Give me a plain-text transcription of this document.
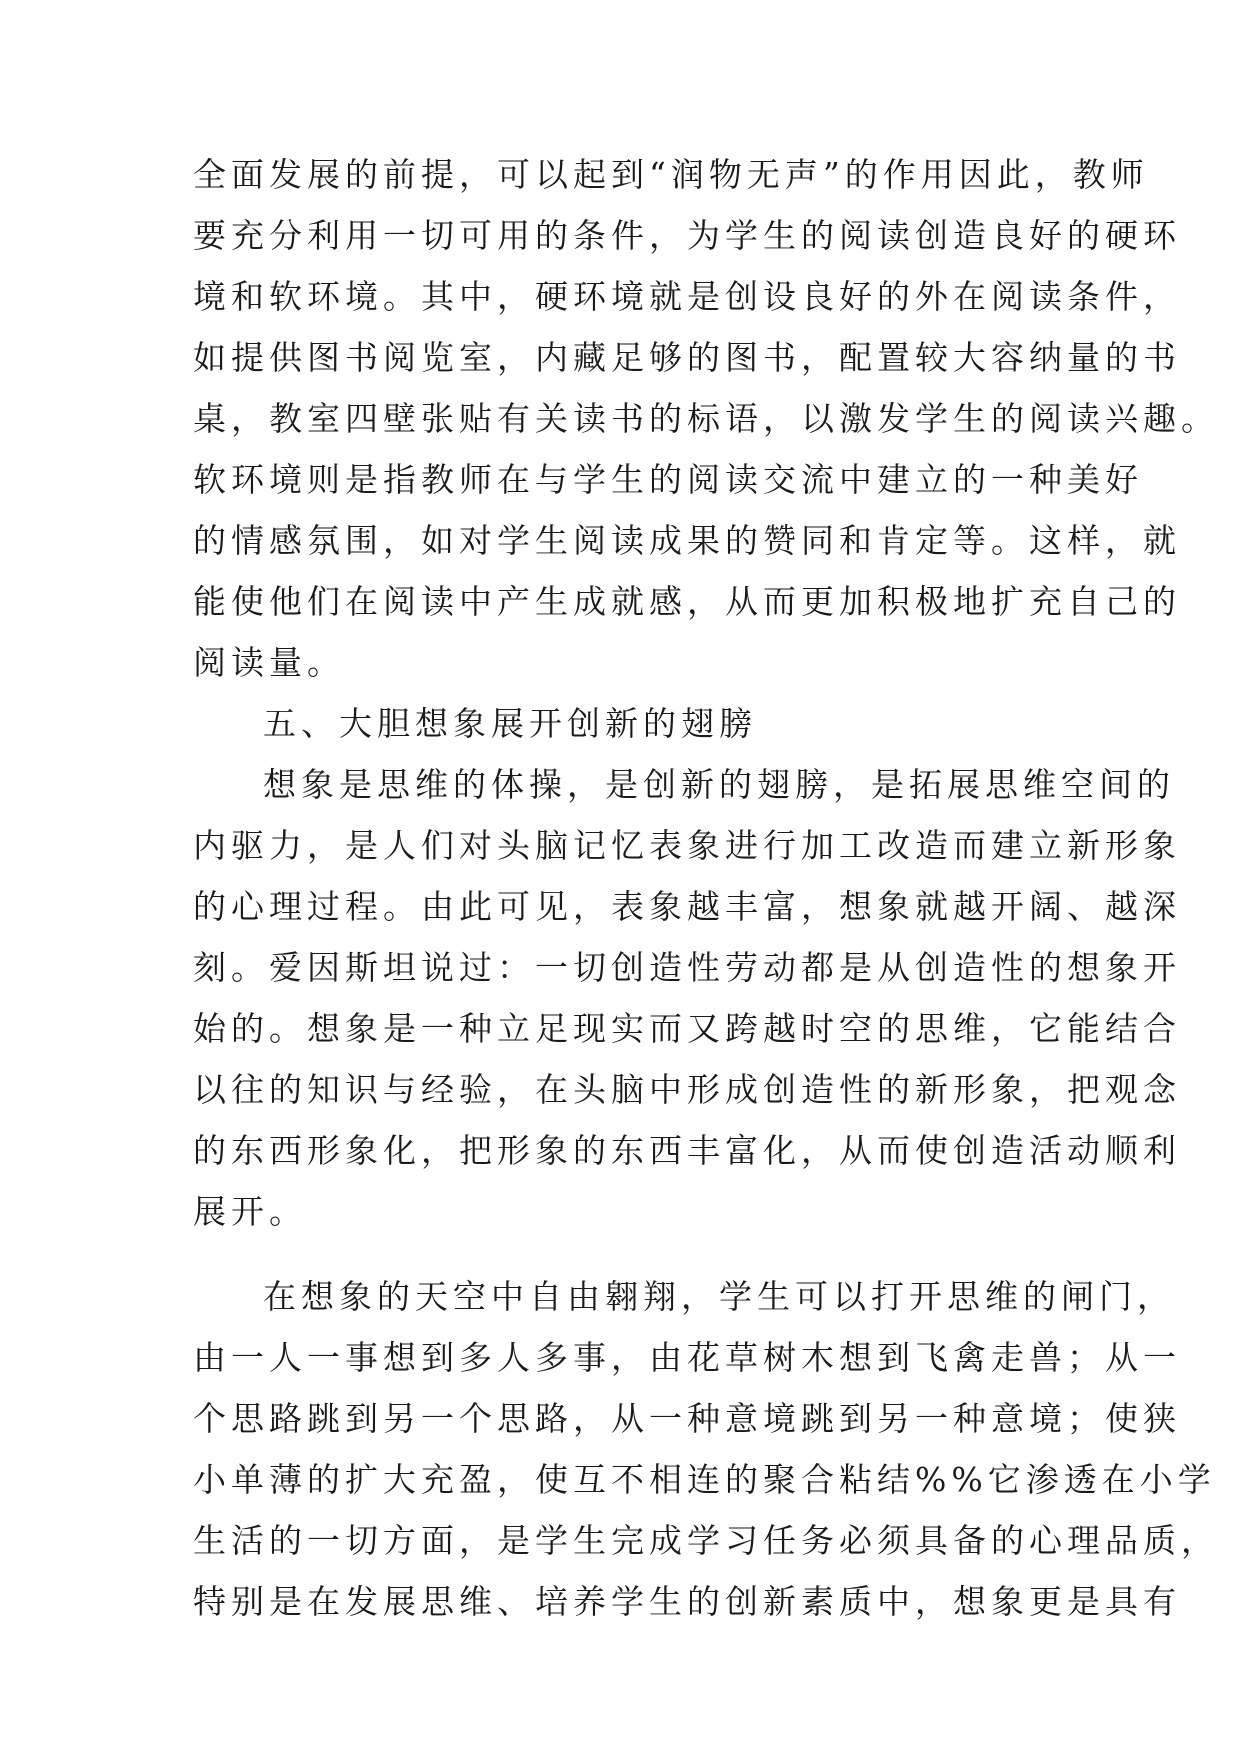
全面发展的前提，可以起到“润物无声”的作用因此，教师
要充分利用一切可用的条件，为学生的阅读创造良好的硬环
境和软环境。其中，硬环境就是创设良好的外在阅读条件，
如提供图书阅览室，内藏足够的图书，配置较大容纳量的书
桌，教室四壁张贴有关读书的标语，以激发学生的阅读兴趣。
软环境则是指教师在与学生的阅读交流中建立的一种美好
的情感氛围，如对学生阅读成果的赞同和肯定等。这样，就
能使他们在阅读中产生成就感，从而更加积极地扩充自己的
阅读量。
五、大胆想象展开创新的翅膀
想象是思维的体操，是创新的翅膀，是拓展思维空间的
内驱力，是人们对头脑记忆表象进行加工改造而建立新形象
的心理过程。由此可见，表象越丰富，想象就越开阔、越深
刻。爱因斯坦说过：一切创造性劳动都是从创造性的想象开
始的。想象是一种立足现实而又跨越时空的思维，它能结合
以往的知识与经验，在头脑中形成创造性的新形象，把观念
的东西形象化，把形象的东西丰富化，从而使创造活动顺利
展开。
在想象的天空中自由翱翔，学生可以打开思维的闸门，
由一人一事想到多人多事，由花草树木想到飞禽走兽；从一
个思路跳到另一个思路，从一种意境跳到另一种意境；使狭
小单薄的扩大充盈，使互不相连的聚合粘结%%它渗透在小学
生活的一切方面，是学生完成学习任务必须具备的心理品质，
特别是在发展思维、培养学生的创新素质中，想象更是具有
